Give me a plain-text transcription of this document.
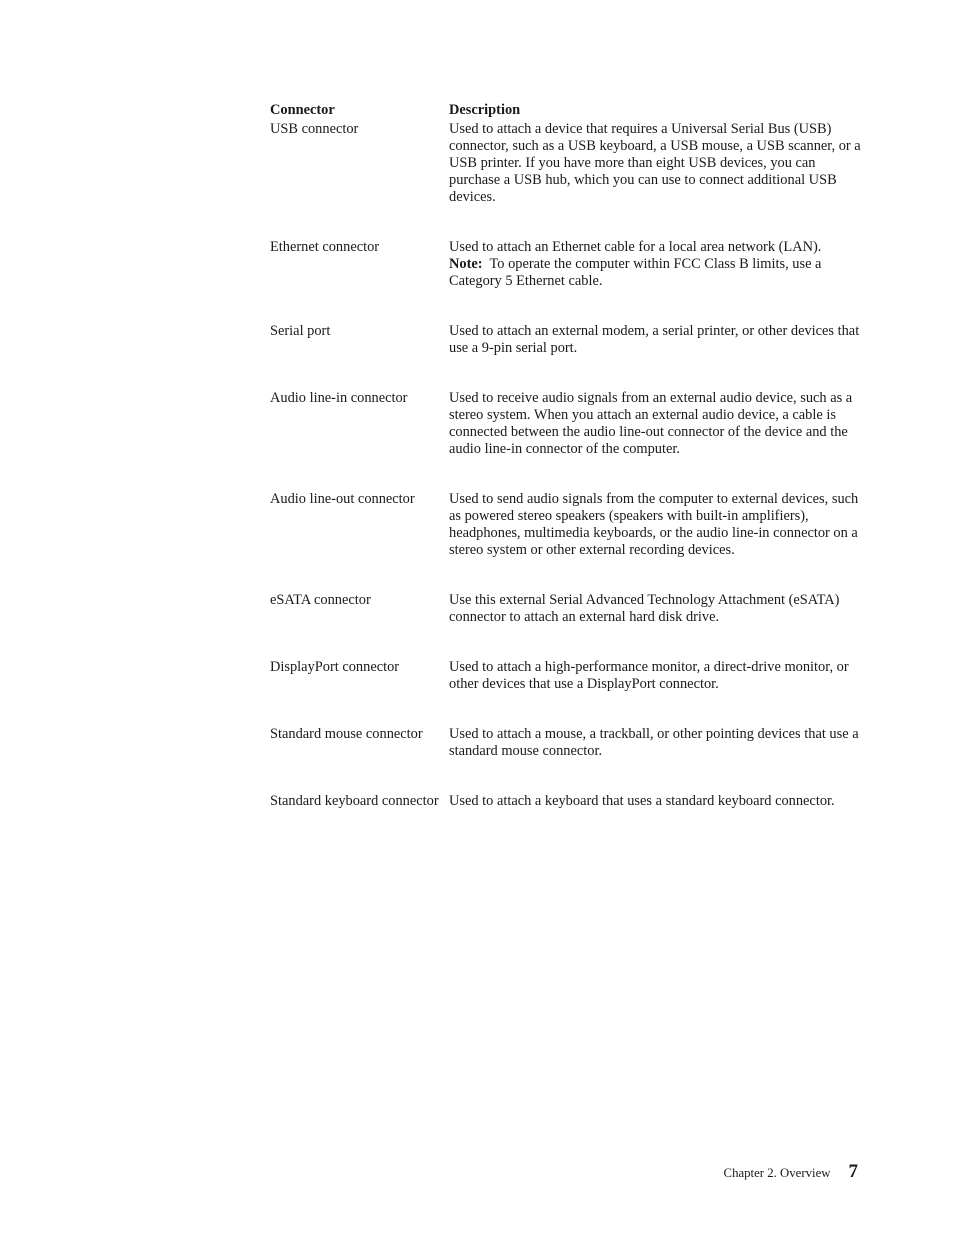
Connector	Description
USB connector	Used to attach a device that requires a Universal Serial Bus (USB) connector, such as a USB keyboard, a USB mouse, a USB scanner, or a USB printer. If you have more than eight USB devices, you can purchase a USB hub, which you can use to connect additional USB devices.
Ethernet connector	Used to attach an Ethernet cable for a local area network (LAN).
Note: To operate the computer within FCC Class B limits, use a Category 5 Ethernet cable.
Serial port	Used to attach an external modem, a serial printer, or other devices that use a 9-pin serial port.
Audio line-in connector	Used to receive audio signals from an external audio device, such as a stereo system. When you attach an external audio device, a cable is connected between the audio line-out connector of the device and the audio line-in connector of the computer.
Audio line-out connector	Used to send audio signals from the computer to external devices, such as powered stereo speakers (speakers with built-in amplifiers), headphones, multimedia keyboards, or the audio line-in connector on a stereo system or other external recording devices.
eSATA connector	Use this external Serial Advanced Technology Attachment (eSATA) connector to attach an external hard disk drive.
DisplayPort connector	Used to attach a high-performance monitor, a direct-drive monitor, or other devices that use a DisplayPort connector.
Standard mouse connector	Used to attach a mouse, a trackball, or other pointing devices that use a standard mouse connector.
Standard keyboard connector Used to attach a keyboard that uses a standard keyboard connector.
Chapter 2. Overview 7
